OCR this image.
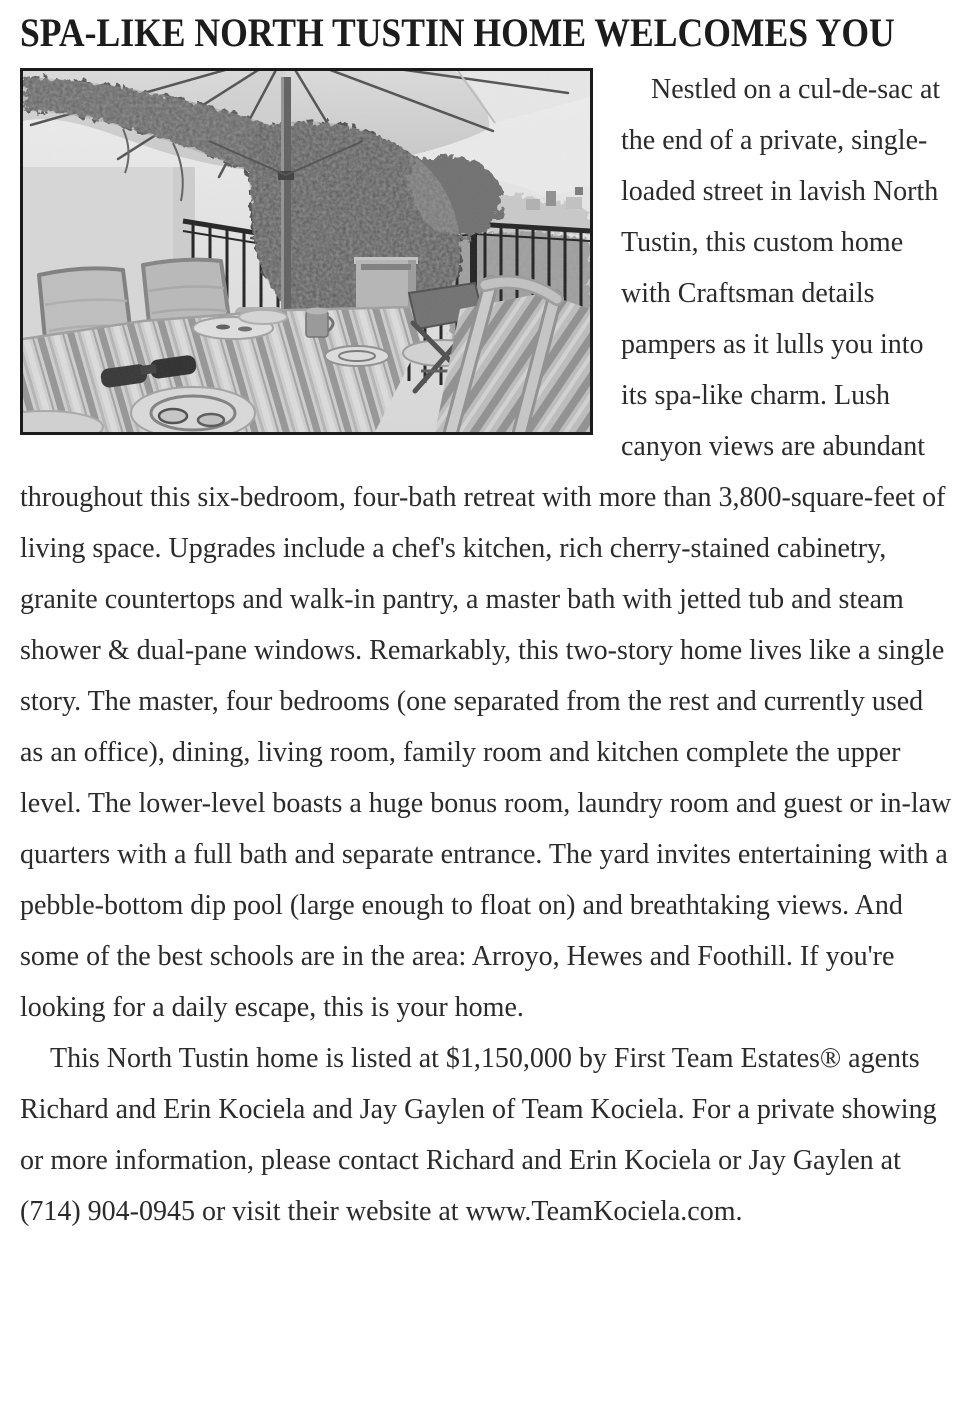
SPA-LIKE NORTH TUSTIN HOME WELCOMES YOU

Nestled on a cul-de-sac at the end of a private, single-loaded street in lavish North Tustin, this custom home with Craftsman details pampers as it lulls you into its spa-like charm. Lush canyon views are abundant throughout this six-bedroom, four-bath retreat with more than 3,800-square-feet of living space. Upgrades include a chef's kitchen, rich cherry-stained cabinetry, granite countertops and walk-in pantry, a master bath with jetted tub and steam shower & dual-pane windows. Remarkably, this two-story home lives like a single story. The master, four bedrooms (one separated from the rest and currently used as an office), dining, living room, family room and kitchen complete the upper level. The lower-level boasts a huge bonus room, laundry room and guest or in-law quarters with a full bath and separate entrance. The yard invites entertaining with a pebble-bottom dip pool (large enough to float on) and breathtaking views. And some of the best schools are in the area: Arroyo, Hewes and Foothill. If you're looking for a daily escape, this is your home.

This North Tustin home is listed at $1,150,000 by First Team Estates® agents Richard and Erin Kociela and Jay Gaylen of Team Kociela. For a private showing or more information, please contact Richard and Erin Kociela or Jay Gaylen at (714) 904-0945 or visit their website at www.TeamKociela.com.
